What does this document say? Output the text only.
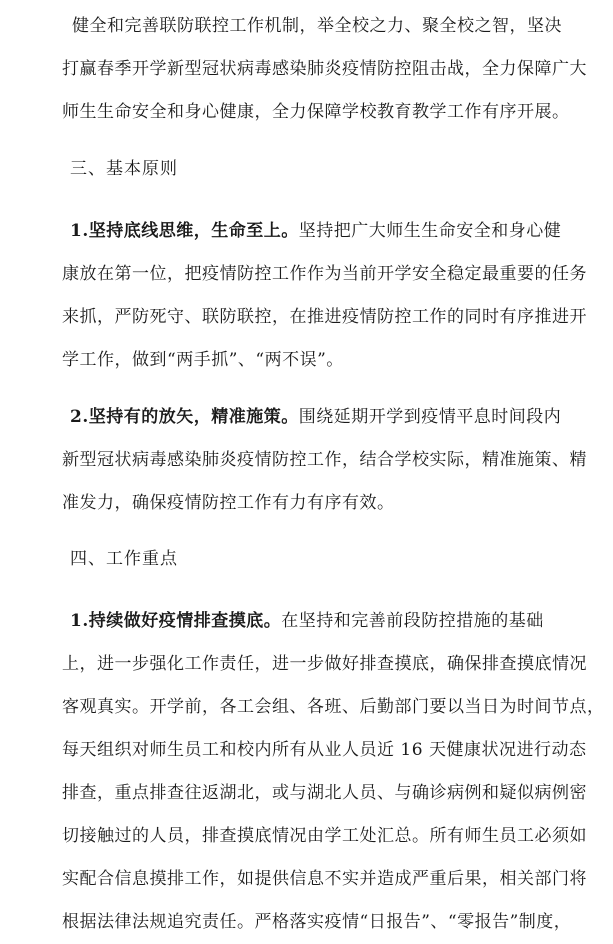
健全和完善联防联控工作机制，举全校之力、聚全校之智，坚决
打赢春季开学新型冠状病毒感染肺炎疫情防控阻击战，全力保障广大
师生生命安全和身心健康，全力保障学校教育教学工作有序开展。

三、基本原则

1.坚持底线思维，生命至上。坚持把广大师生生命安全和身心健
康放在第一位，把疫情防控工作作为当前开学安全稳定最重要的任务
来抓，严防死守、联防联控，在推进疫情防控工作的同时有序推进开
学工作，做到“两手抓”、“两不误”。

2.坚持有的放矢，精准施策。围绕延期开学到疫情平息时间段内
新型冠状病毒感染肺炎疫情防控工作，结合学校实际，精准施策、精
准发力，确保疫情防控工作有力有序有效。

四、工作重点

1.持续做好疫情排查摸底。在坚持和完善前段防控措施的基础
上，进一步强化工作责任，进一步做好排查摸底，确保排查摸底情况
客观真实。开学前，各工会组、各班、后勤部门要以当日为时间节点，
每天组织对师生员工和校内所有从业人员近 16 天健康状况进行动态
排查，重点排查往返湖北，或与湖北人员、与确诊病例和疑似病例密
切接触过的人员，排查摸底情况由学工处汇总。所有师生员工必须如
实配合信息摸排工作，如提供信息不实并造成严重后果，相关部门将
根据法律法规追究责任。严格落实疫情“日报告”、“零报告”制度，
